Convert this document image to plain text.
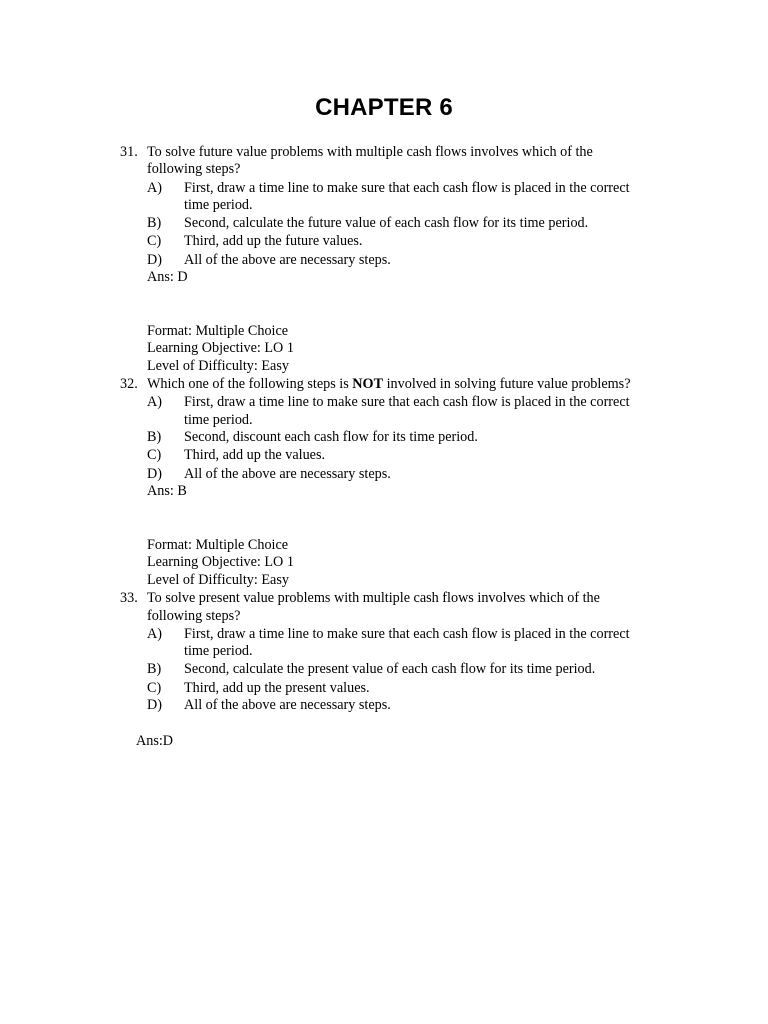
CHAPTER 6
31. To solve future value problems with multiple cash flows involves which of the
following steps?
A) First, draw a time line to make sure that each cash flow is placed in the correct
time period.
B) Second, calculate the future value of each cash flow for its time period.
C) Third, add up the future values.
D) All of the above are necessary steps.
Ans: D
Format: Multiple Choice
Learning Objective: LO 1
Level of Difficulty: Easy
32. Which one of the following steps is NOT involved in solving future value problems?
A) First, draw a time line to make sure that each cash flow is placed in the correct
time period.
B) Second, discount each cash flow for its time period.
C) Third, add up the values.
D) All of the above are necessary steps.
Ans: B
Format: Multiple Choice
Learning Objective: LO 1
Level of Difficulty: Easy
33. To solve present value problems with multiple cash flows involves which of the
following steps?
A) First, draw a time line to make sure that each cash flow is placed in the correct
time period.
B) Second, calculate the present value of each cash flow for its time period.
C) Third, add up the present values.
D) All of the above are necessary steps.
Ans:D
